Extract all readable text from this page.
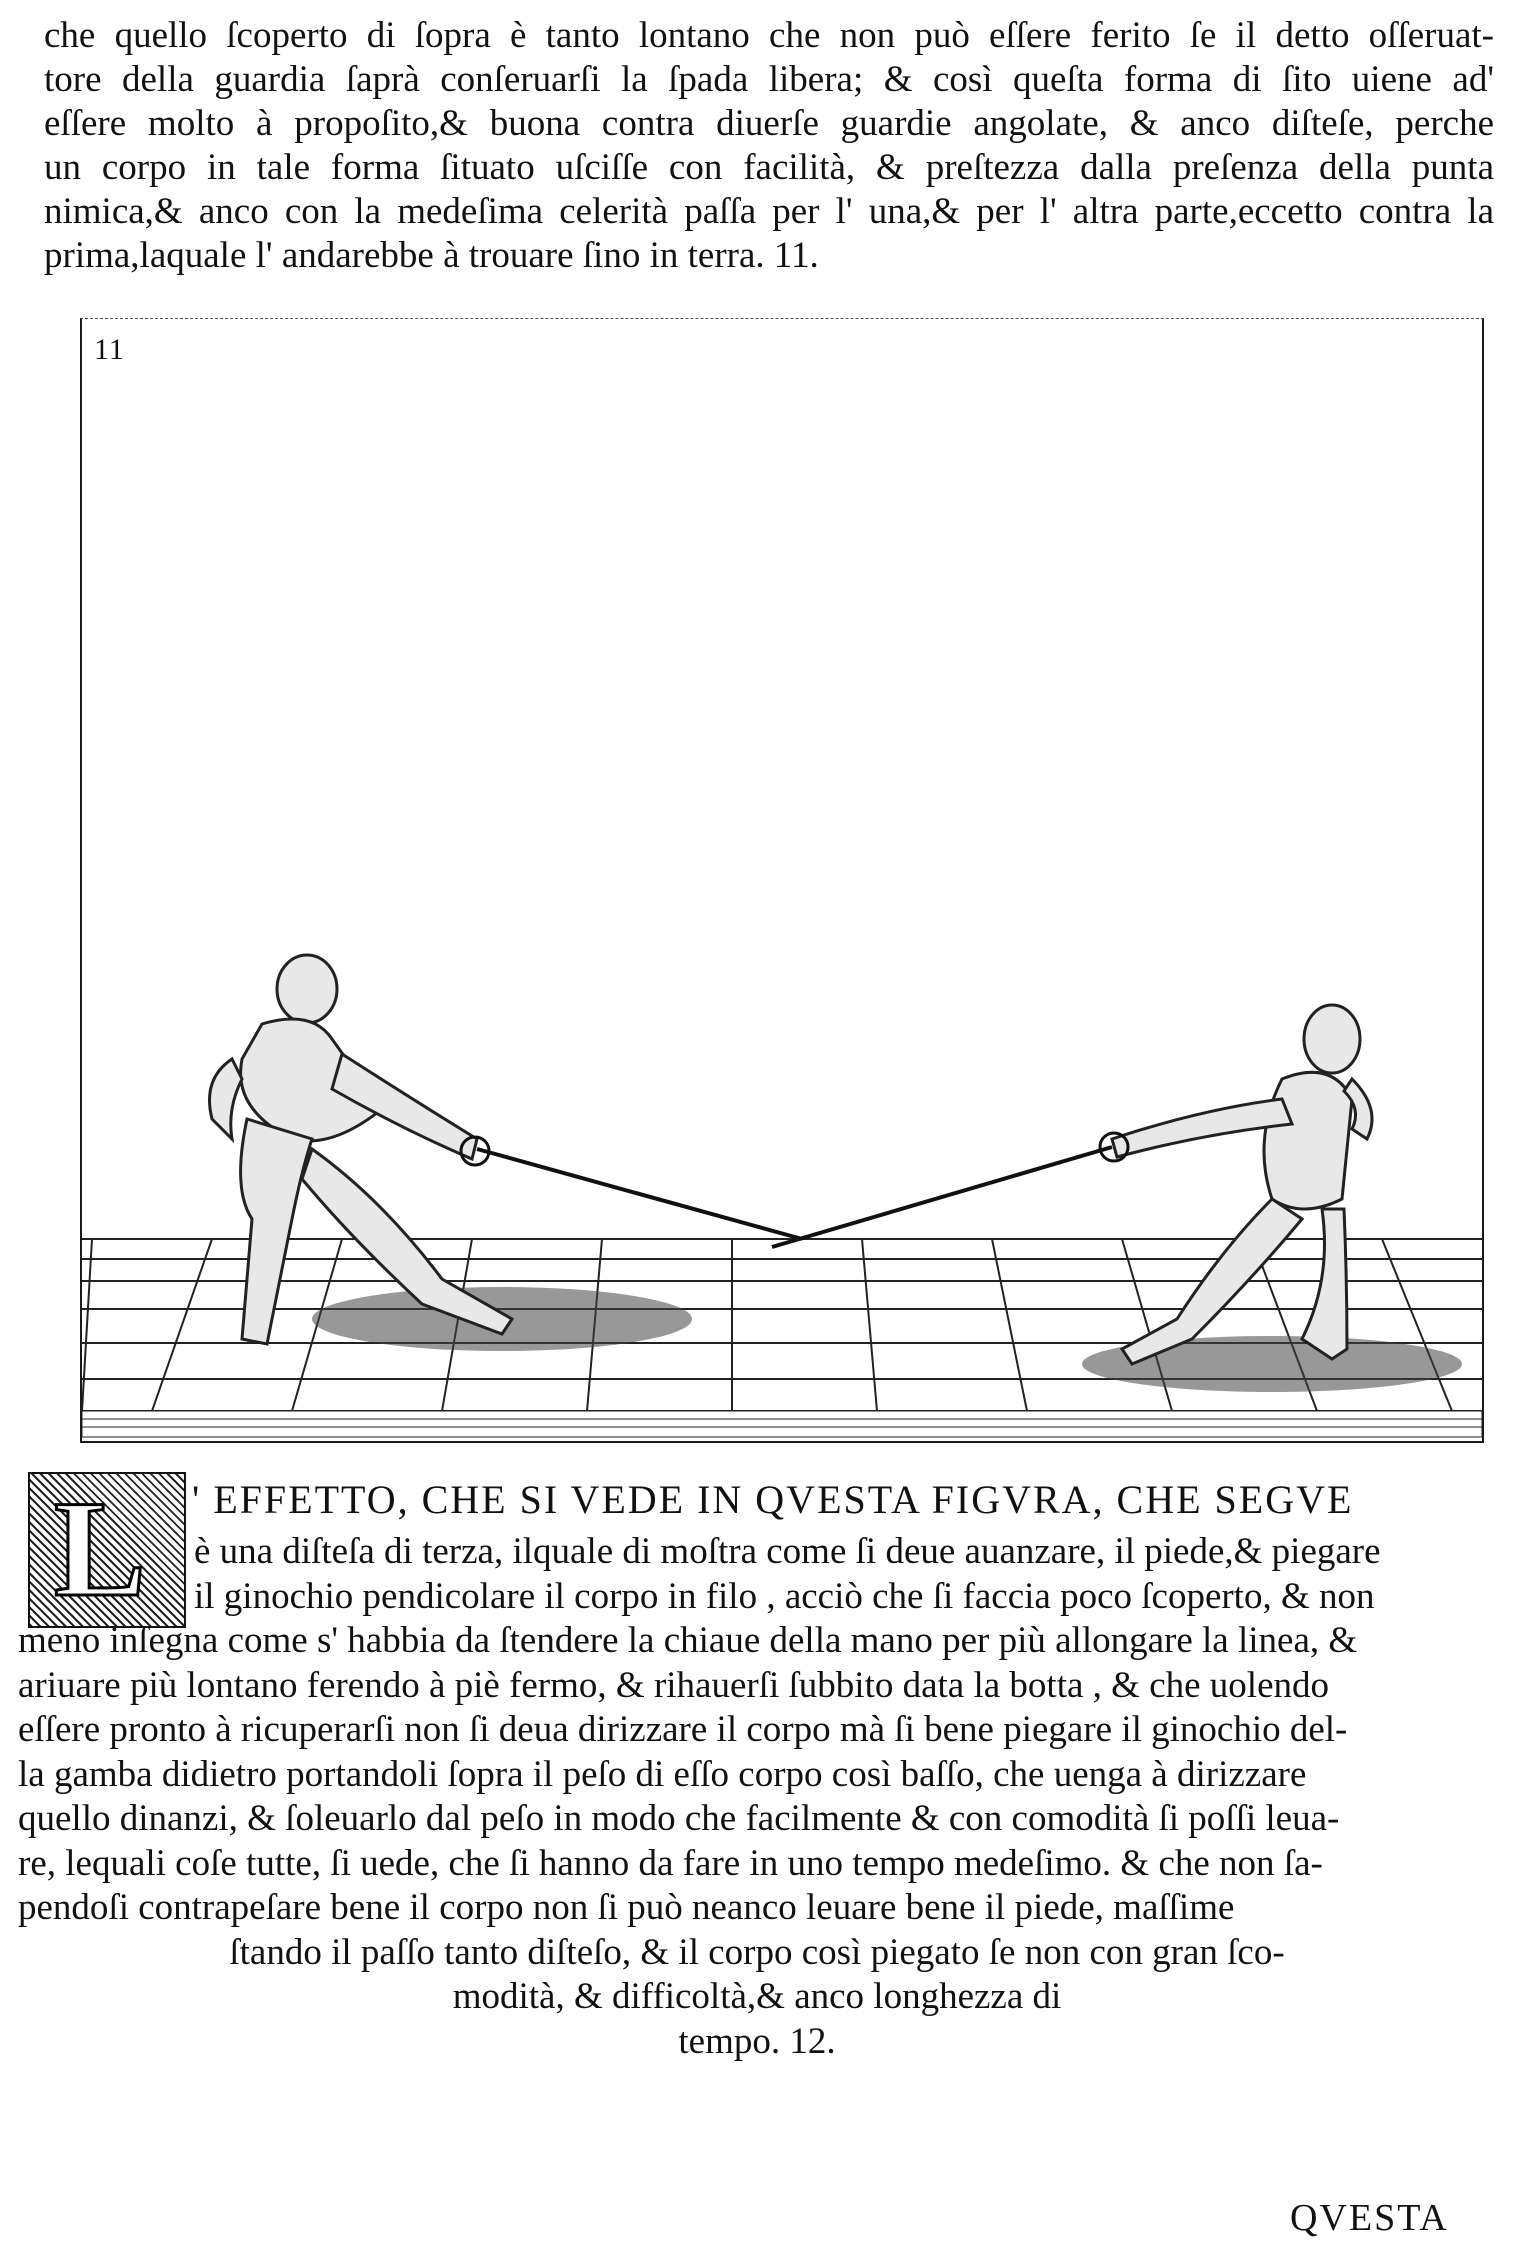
che quello ſcoperto di ſopra è tanto lontano che non può eſſere ferito ſe il detto oſſeruat-
tore della guardia ſaprà conſeruarſi la ſpada libera; & così queſta forma di ſito uiene ad'
eſſere molto à propoſito,& buona contra diuerſe guardie angolate, & anco diſteſe, perche
un corpo in tale forma ſituato uſciſſe con facilità, & preſtezza dalla preſenza della punta
nimica,& anco con la medeſima celerità paſſa per l' una,& per l' altra parte,eccetto contra la
prima,laquale l' andarebbe à trouare ſino in terra. 11.
11
L ' EFFETTO, CHE SI VEDE IN QVESTA FIGVRA, CHE SEGVE
è una diſteſa di terza, ilquale di moſtra come ſi deue auanzare, il piede,& piegare
il ginochio pendicolare il corpo in filo , acciò che ſi faccia poco ſcoperto, & non
meno inſegna come s' habbia da ſtendere la chiaue della mano per più allongare la linea, &
ariuare più lontano ferendo à piè fermo, & rihauerſi ſubbito data la botta , & che uolendo
eſſere pronto à ricuperarſi non ſi deua dirizzare il corpo mà ſi bene piegare il ginochio del-
la gamba didietro portandoli ſopra il peſo di eſſo corpo così baſſo, che uenga à dirizzare
quello dinanzi, & ſoleuarlo dal peſo in modo che facilmente & con comodità ſi poſſi leua-
re, lequali coſe tutte, ſi uede, che ſi hanno da fare in uno tempo medeſimo. & che non ſa-
pendoſi contrapeſare bene il corpo non ſi può neanco leuare bene il piede, maſſime
ſtando il paſſo tanto diſteſo, & il corpo così piegato ſe non con gran ſco-
modità, & difficoltà,& anco longhezza di
tempo. 12.
QVESTA
